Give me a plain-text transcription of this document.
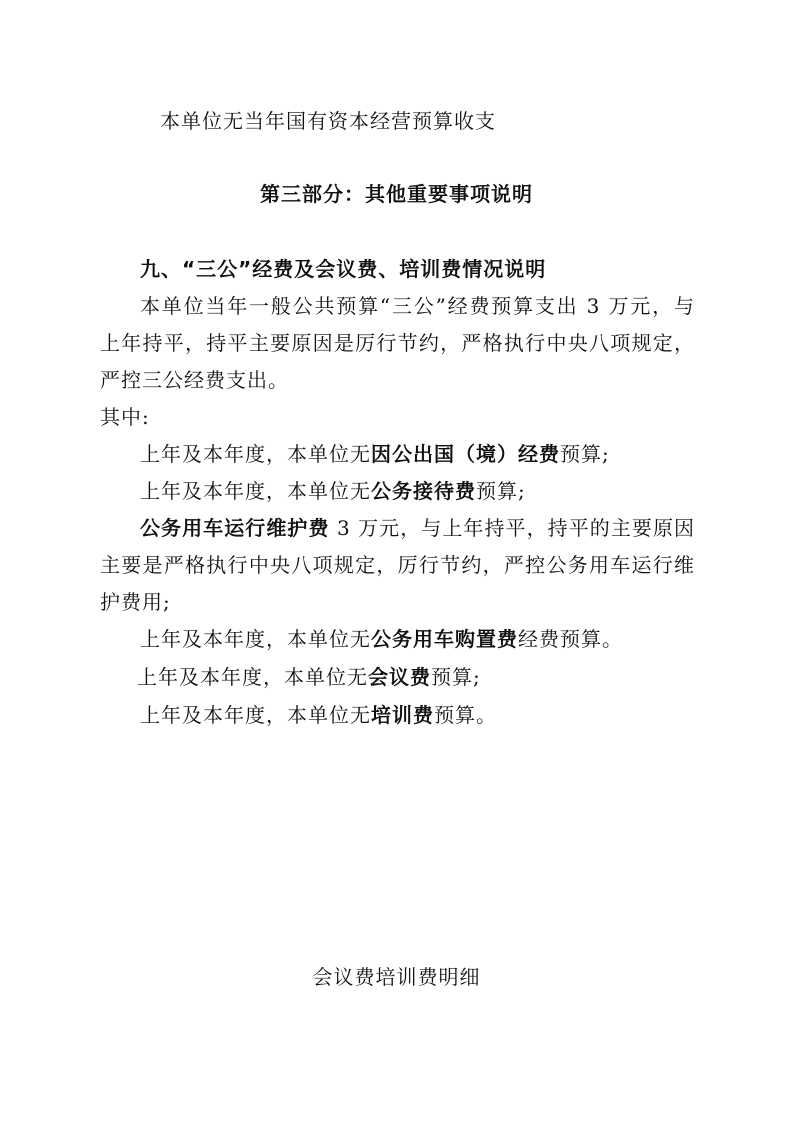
本单位无当年国有资本经营预算收支
第三部分：其他重要事项说明
九、“三公”经费及会议费、培训费情况说明
本单位当年一般公共预算“三公”经费预算支出 3 万元，与
上年持平，持平主要原因是厉行节约，严格执行中央八项规定，
严控三公经费支出。
其中:
上年及本年度，本单位无因公出国（境）经费预算;
上年及本年度，本单位无公务接待费预算;
公务用车运行维护费 3 万元，与上年持平，持平的主要原因
主要是严格执行中央八项规定，厉行节约，严控公务用车运行维
护费用;
上年及本年度，本单位无公务用车购置费经费预算。
上年及本年度，本单位无会议费预算;
上年及本年度，本单位无培训费预算。
会议费培训费明细
